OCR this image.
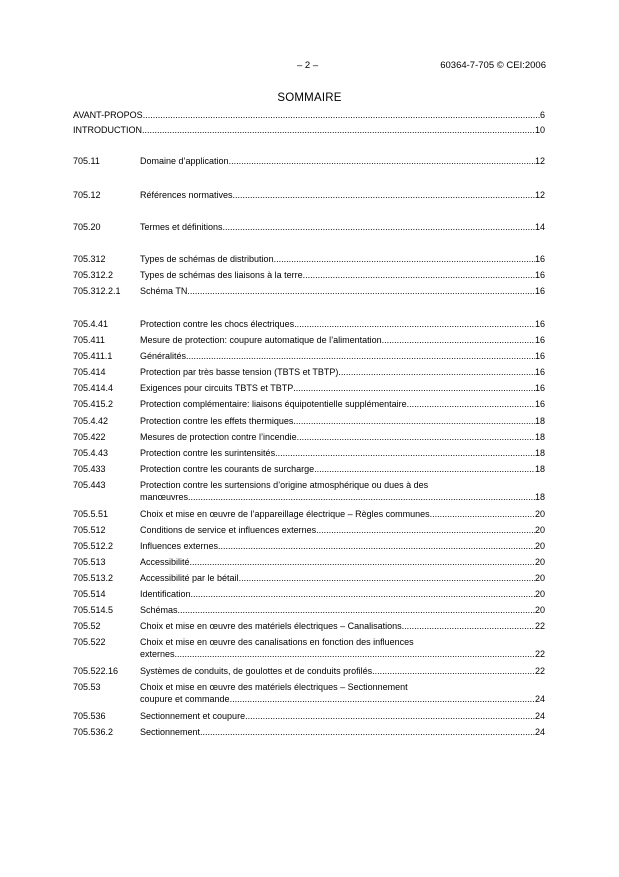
– 2 –	60364-7-705 © CEI:2006
SOMMAIRE
AVANT-PROPOS .....	6
INTRODUCTION .....	10
705.11	Domaine d’application .....	12
705.12	Références normatives .....	12
705.20	Termes et définitions .....	14
705.312	Types de schémas de distribution .....	16
705.312.2	Types de schémas des liaisons à la terre .....	16
705.312.2.1 Schéma TN .....	16
705.4.41	Protection contre les chocs électriques .....	16
705.411	Mesure de protection: coupure automatique de l’alimentation .....	16
705.411.1	Généralités .....	16
705.414	Protection par très basse tension (TBTS et TBTP) .....	16
705.414.4	Exigences pour circuits TBTS et TBTP .....	16
705.415.2	Protection complémentaire: liaisons équipotentielle supplémentaire .....	16
705.4.42	Protection contre les effets thermiques .....	18
705.422	Mesures de protection contre l’incendie .....	18
705.4.43	Protection contre les surintensités .....	18
705.433	Protection contre les courants de surcharge .....	18
705.443	Protection contre les surtensions d’origine atmosphérique ou dues à des
manœuvres .....	18
705.5.51	Choix et mise en œuvre de l’appareillage électrique – Règles communes .....	20
705.512	Conditions de service et influences externes .....	20
705.512.2	Influences externes .....	20
705.513	Accessibilité .....	20
705.513.2	Accessibilité par le bétail .....	20
705.514	Identification .....	20
705.514.5	Schémas .....	20
705.52	Choix et mise en œuvre des matériels électriques – Canalisations .....	22
705.522	Choix et mise en œuvre des canalisations en fonction des influences
externes .....	22
705.522.16 Systèmes de conduits, de goulottes et de conduits profilés .....	22
705.53	Choix et mise en œuvre des matériels électriques – Sectionnement
coupure et commande .....	24
705.536	Sectionnement et coupure .....	24
705.536.2	Sectionnement .....	24
